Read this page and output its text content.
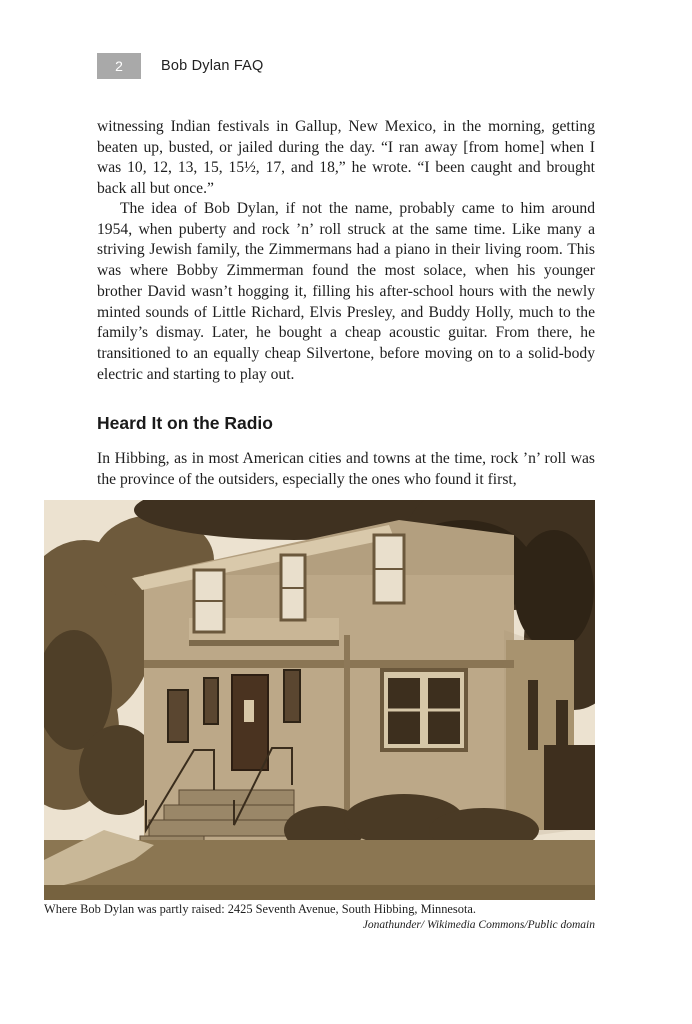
2	Bob Dylan FAQ

witnessing Indian festivals in Gallup, New Mexico, in the morning, getting beaten up, busted, or jailed during the day. “I ran away [from home] when I was 10, 12, 13, 15, 15½, 17, and 18,” he wrote. “I been caught and brought back all but once.”

The idea of Bob Dylan, if not the name, probably came to him around 1954, when puberty and rock ’n’ roll struck at the same time. Like many a striving Jewish family, the Zimmermans had a piano in their living room. This was where Bobby Zimmerman found the most solace, when his younger brother David wasn’t hogging it, filling his after-school hours with the newly minted sounds of Little Richard, Elvis Presley, and Buddy Holly, much to the family’s dismay. Later, he bought a cheap acoustic guitar. From there, he transitioned to an equally cheap Silvertone, before moving on to a solid-body electric and starting to play out.

Heard It on the Radio

In Hibbing, as in most American cities and towns at the time, rock ’n’ roll was the province of the outsiders, especially the ones who found it first,

Where Bob Dylan was partly raised: 2425 Seventh Avenue, South Hibbing, Minnesota.

Jonathunder/ Wikimedia Commons/Public domain
